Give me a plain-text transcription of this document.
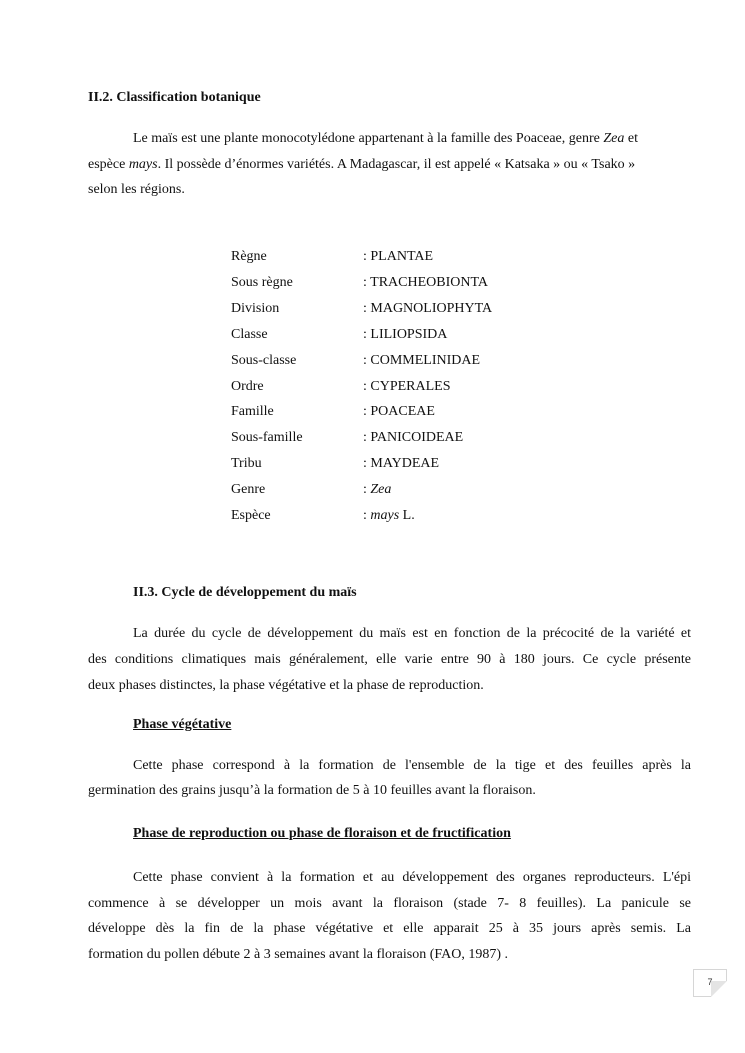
II.2. Classification botanique
Le maïs est une plante monocotylédone appartenant à la famille des Poaceae, genre Zea et
espèce mays. Il possède d’énormes variétés. A Madagascar, il est appelé « Katsaka » ou « Tsako »
selon les régions.
Règne	: PLANTAE
Sous règne	: TRACHEOBIONTA
Division	: MAGNOLIOPHYTA
Classe	: LILIOPSIDA
Sous-classe	: COMMELINIDAE
Ordre	: CYPERALES
Famille	: POACEAE
Sous-famille	: PANICOIDEAE
Tribu	: MAYDEAE
Genre	: Zea
Espèce	: mays L.
II.3. Cycle de développement du maïs
La durée du cycle de développement du maïs est en fonction de la précocité de la variété et
des conditions climatiques mais généralement, elle varie entre 90 à 180 jours. Ce cycle présente
deux phases distinctes, la phase végétative et la phase de reproduction.
Phase végétative
Cette phase correspond à la formation de l'ensemble de la tige et des feuilles après la
germination des grains jusqu’à la formation de 5 à 10 feuilles avant la floraison.
Phase de reproduction ou phase de floraison et de fructification
Cette phase convient à la formation et au développement des organes reproducteurs. L'épi
commence à se développer un mois avant la floraison (stade 7- 8 feuilles). La panicule se
développe dès la fin de la phase végétative et elle apparait 25 à 35 jours après semis. La
formation du pollen débute 2 à 3 semaines avant la floraison (FAO, 1987) .
7
